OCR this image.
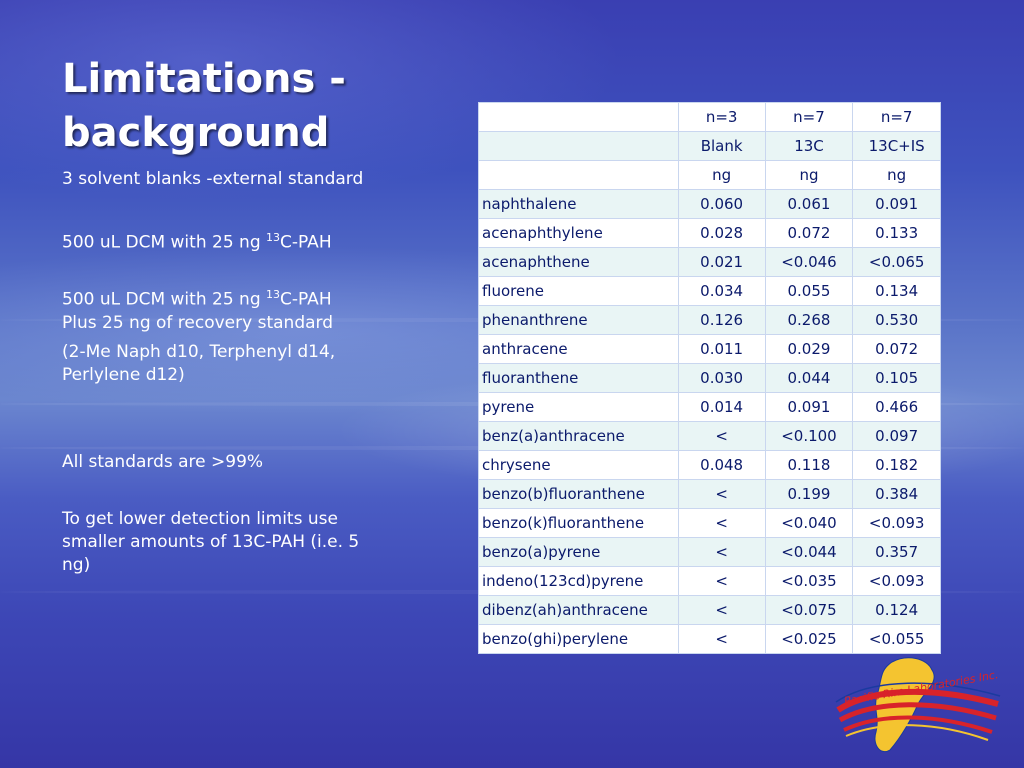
Limitations -
background

3 solvent blanks -external standard

500 uL DCM with 25 ng $^{13}$C-PAH

500 uL DCM with 25 ng $^{13}$C-PAH

Plus 25 ng of recovery standard

(2-Me Naph d10, Terphenyl d14, Perlylene d12)

All standards are >99%

To get lower detection limits use smaller amounts of 13C-PAH (i.e. 5 ng)

	n=3	n=7	n=7
	Blank	13C	13C+IS
	ng	ng	ng
naphthalene	0.060	0.061	0.091
acenaphthylene	0.028	0.072	0.133
acenaphthene	0.021	<0.046	<0.065
fluorene	0.034	0.055	0.134
phenanthrene	0.126	0.268	0.530
anthracene	0.011	0.029	0.072
fluoranthene	0.030	0.044	0.105
pyrene	0.014	0.091	0.466
benz(a)anthracene	<	<0.100	0.097
chrysene	0.048	0.118	0.182
benzo(b)fluoranthene	<	0.199	0.384
benzo(k)fluoranthene	<	<0.040	<0.093
benzo(a)pyrene	<	<0.044	0.357
indeno(123cd)pyrene	<	<0.035	<0.093
dibenz(ah)anthracene	<	<0.075	0.124
benzo(ghi)perylene	<	<0.025	<0.055
Pacific Rim Laboratories Inc.
